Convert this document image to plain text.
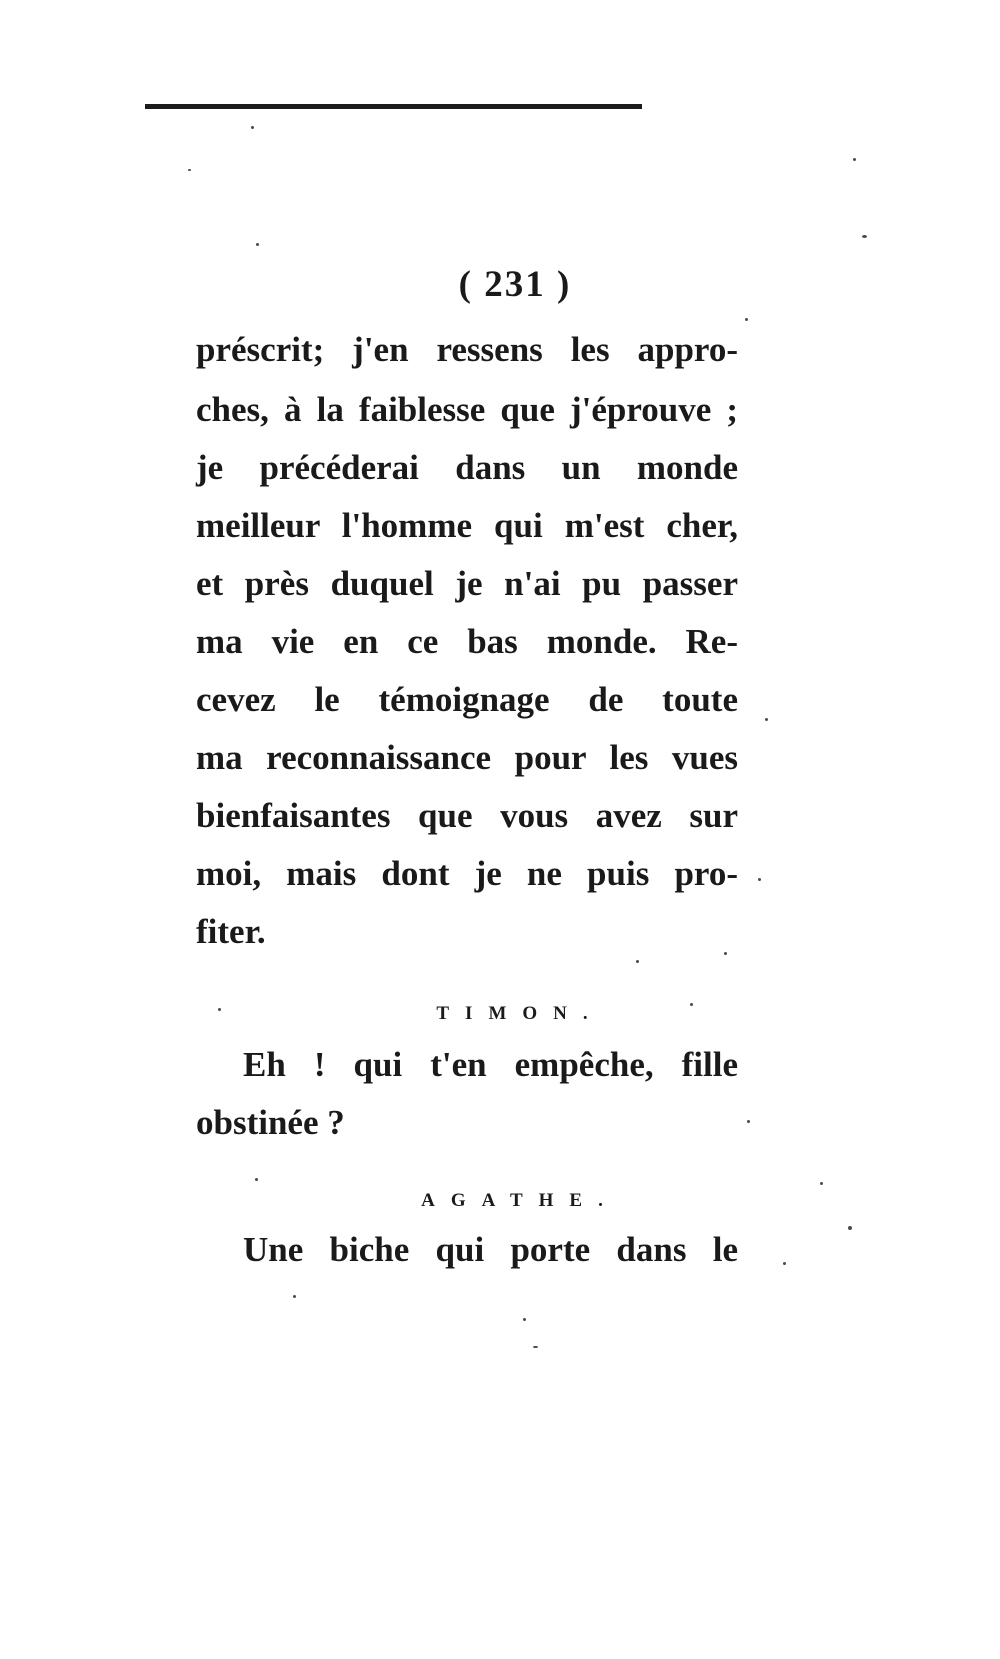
( 231 )
préscrit; j'en ressens les appro-
ches, à la faiblesse que j'éprouve ;
je précéderai dans un monde
meilleur l'homme qui m'est cher,
et près duquel je n'ai pu passer
ma vie en ce bas monde. Re-
cevez le témoignage de toute
ma reconnaissance pour les vues
bienfaisantes que vous avez sur
moi, mais dont je ne puis pro-
fiter.
TIMON.
Eh ! qui t'en empêche, fille
obstinée ?
AGATHE.
Une biche qui porte dans le
